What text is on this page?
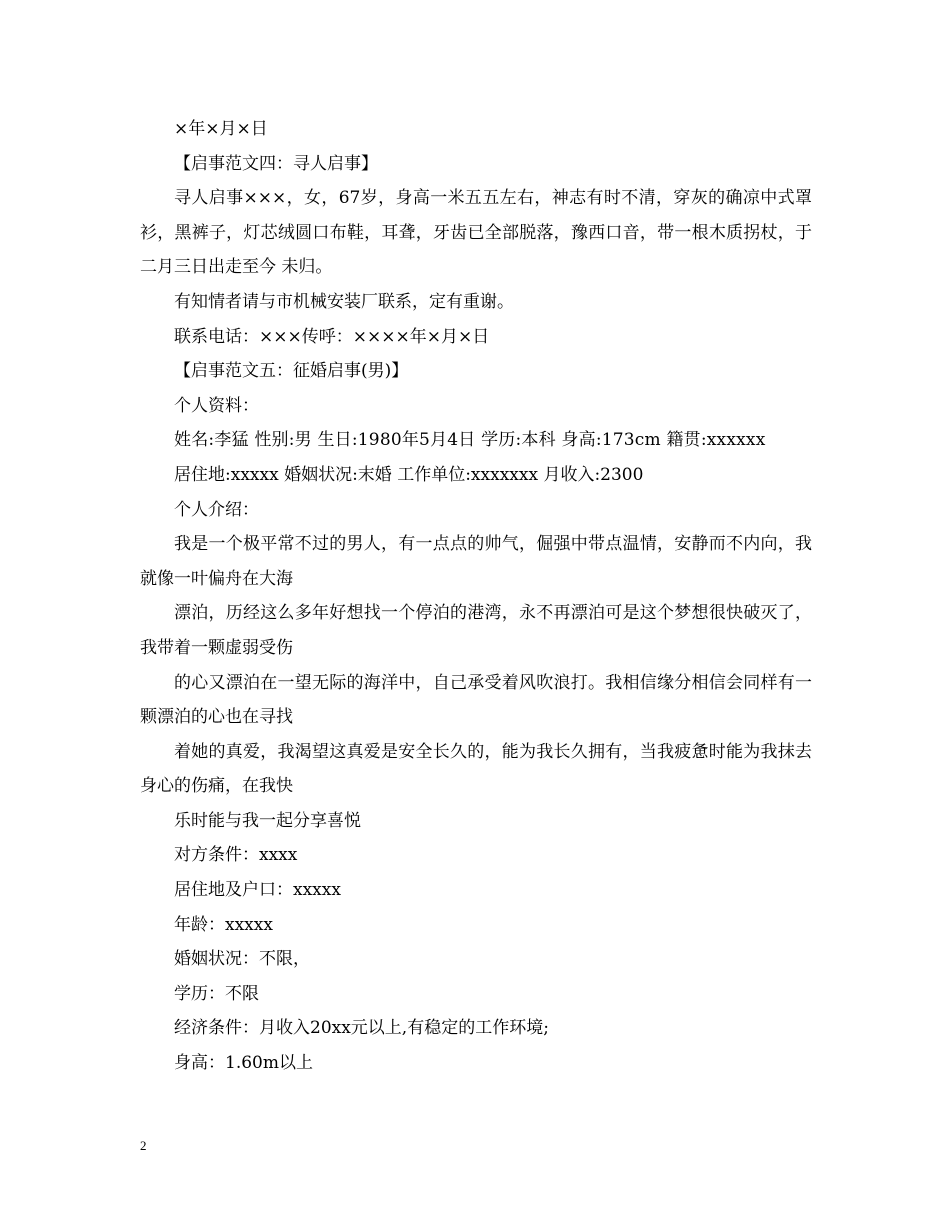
×年×月×日

【启事范文四：寻人启事】

寻人启事×××，女，67岁，身高一米五五左右，神志有时不清，穿灰的确凉中式罩衫，黑裤子，灯芯绒圆口布鞋，耳聋，牙齿已全部脱落，豫西口音，带一根木质拐杖，于二月三日出走至今 未归。

有知情者请与市机械安装厂联系，定有重谢。

联系电话：×××传呼：××××年×月×日

【启事范文五：征婚启事(男)】

个人资料：

姓名:李猛 性别:男 生日:1980年5月4日 学历:本科 身高:173cm 籍贯:xxxxxx

居住地:xxxxx 婚姻状况:末婚 工作单位:xxxxxxx 月收入:2300

个人介绍：

我是一个极平常不过的男人，有一点点的帅气，倔强中带点温情，安静而不内向，我就像一叶偏舟在大海

漂泊，历经这么多年好想找一个停泊的港湾，永不再漂泊可是这个梦想很快破灭了，我带着一颗虚弱受伤

的心又漂泊在一望无际的海洋中，自己承受着风吹浪打。我相信缘分相信会同样有一颗漂泊的心也在寻找

着她的真爱，我渴望这真爱是安全长久的，能为我长久拥有，当我疲惫时能为我抹去身心的伤痛，在我快

乐时能与我一起分享喜悦

对方条件：xxxx

居住地及户口：xxxxx

年龄：xxxxx

婚姻状况：不限，

学历：不限

经济条件：月收入20xx元以上,有稳定的工作环境;

身高：1.60m以上

2
